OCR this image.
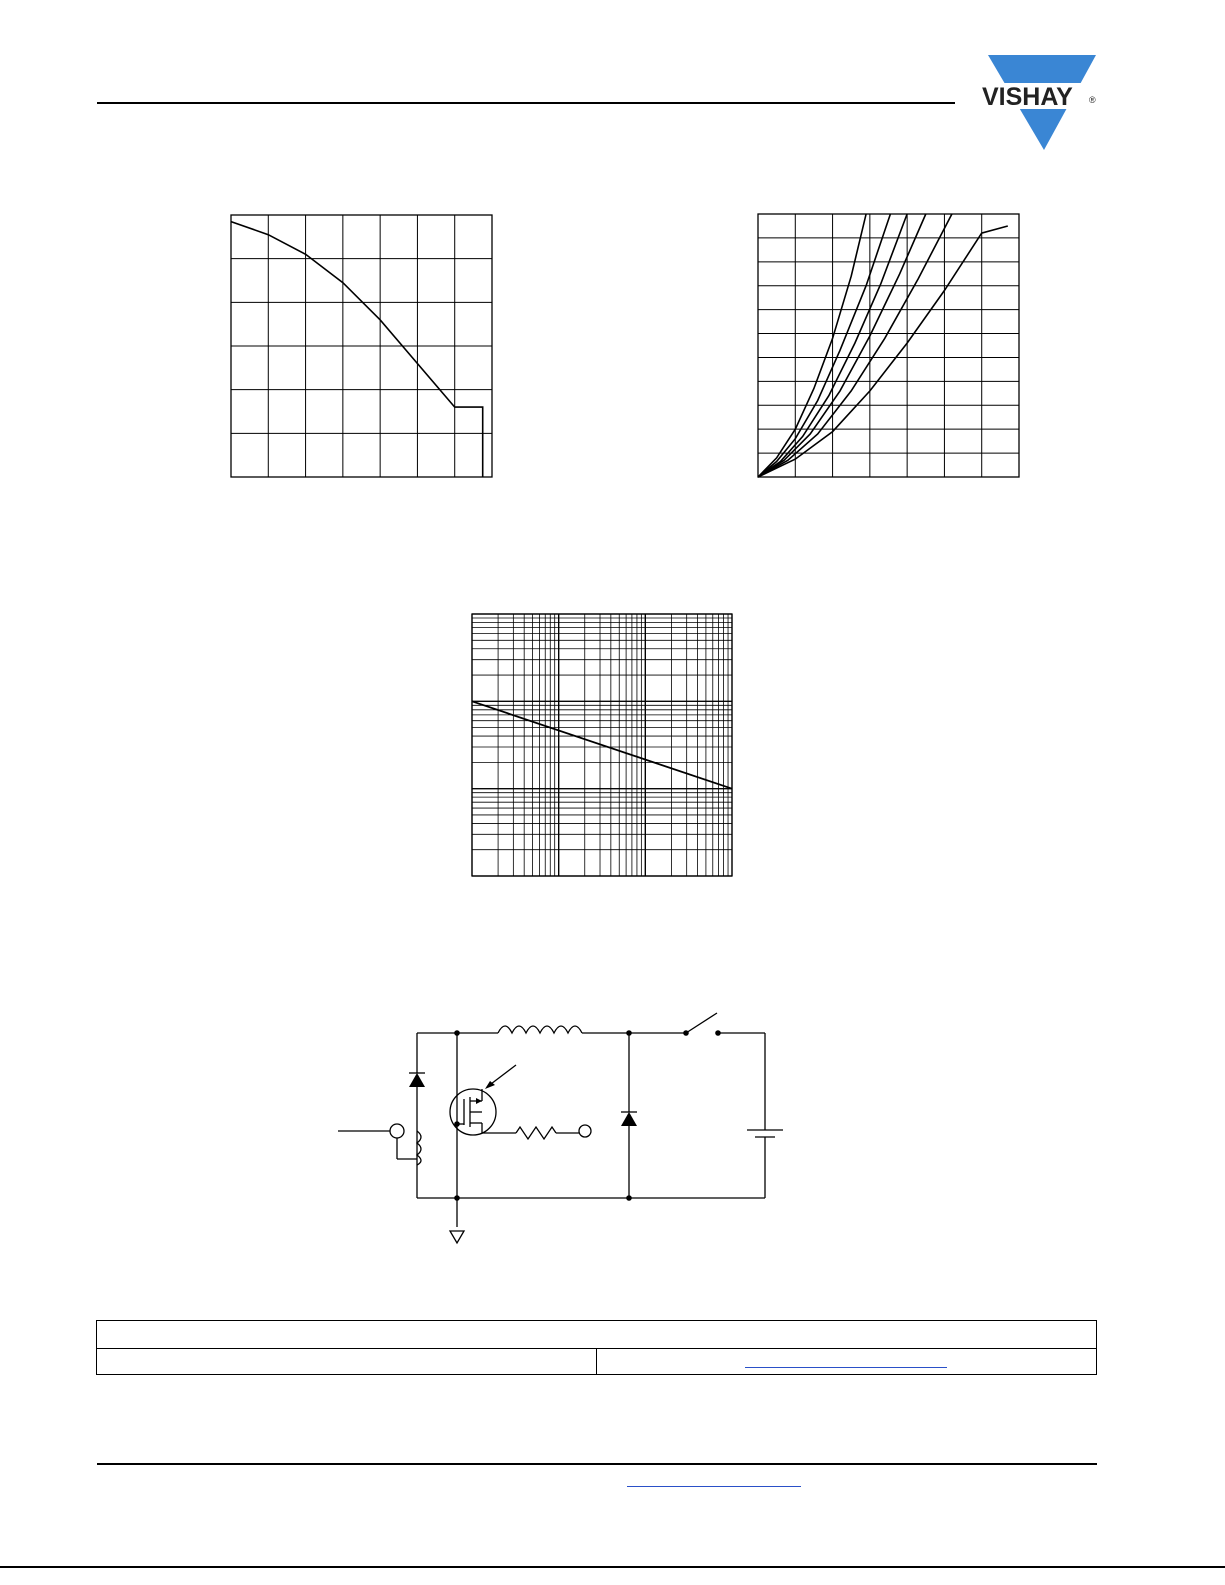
VISHAY ®
